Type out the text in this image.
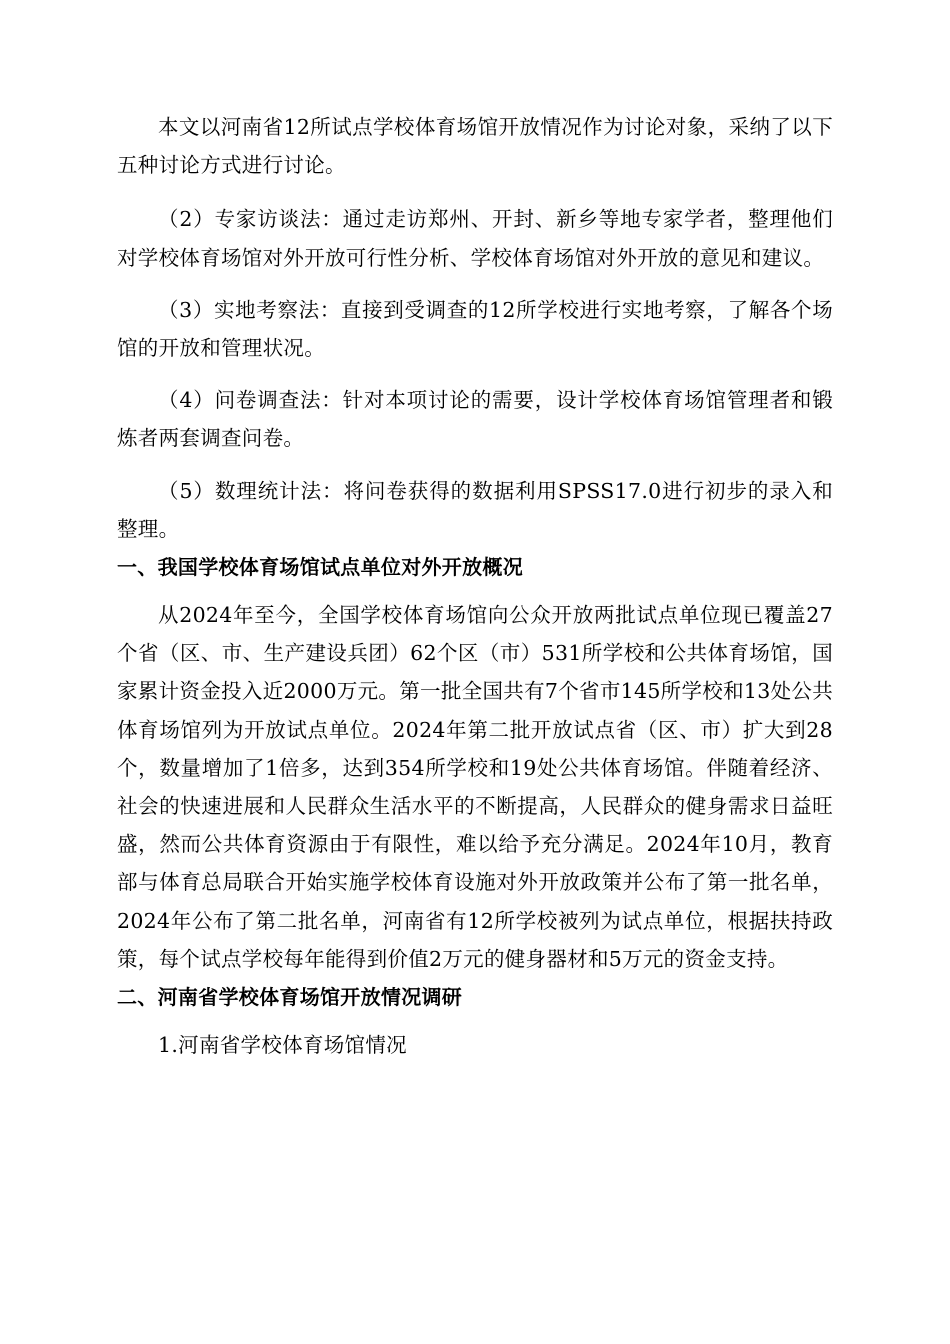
本文以河南省12所试点学校体育场馆开放情况作为讨论对象，采纳了以下五种讨论方式进行讨论。

（2）专家访谈法：通过走访郑州、开封、新乡等地专家学者，整理他们对学校体育场馆对外开放可行性分析、学校体育场馆对外开放的意见和建议。

（3）实地考察法：直接到受调查的12所学校进行实地考察，了解各个场馆的开放和管理状况。

（4）问卷调查法：针对本项讨论的需要，设计学校体育场馆管理者和锻炼者两套调查问卷。

（5）数理统计法：将问卷获得的数据利用SPSS17.0进行初步的录入和整理。

一、我国学校体育场馆试点单位对外开放概况

从2024年至今，全国学校体育场馆向公众开放两批试点单位现已覆盖27个省（区、市、生产建设兵团）62个区（市）531所学校和公共体育场馆，国家累计资金投入近2000万元。第一批全国共有7个省市145所学校和13处公共体育场馆列为开放试点单位。2024年第二批开放试点省（区、市）扩大到28个，数量增加了1倍多，达到354所学校和19处公共体育场馆。伴随着经济、社会的快速进展和人民群众生活水平的不断提高，人民群众的健身需求日益旺盛，然而公共体育资源由于有限性，难以给予充分满足。2024年10月，教育部与体育总局联合开始实施学校体育设施对外开放政策并公布了第一批名单，2024年公布了第二批名单，河南省有12所学校被列为试点单位，根据扶持政策，每个试点学校每年能得到价值2万元的健身器材和5万元的资金支持。

二、河南省学校体育场馆开放情况调研

1.河南省学校体育场馆情况
